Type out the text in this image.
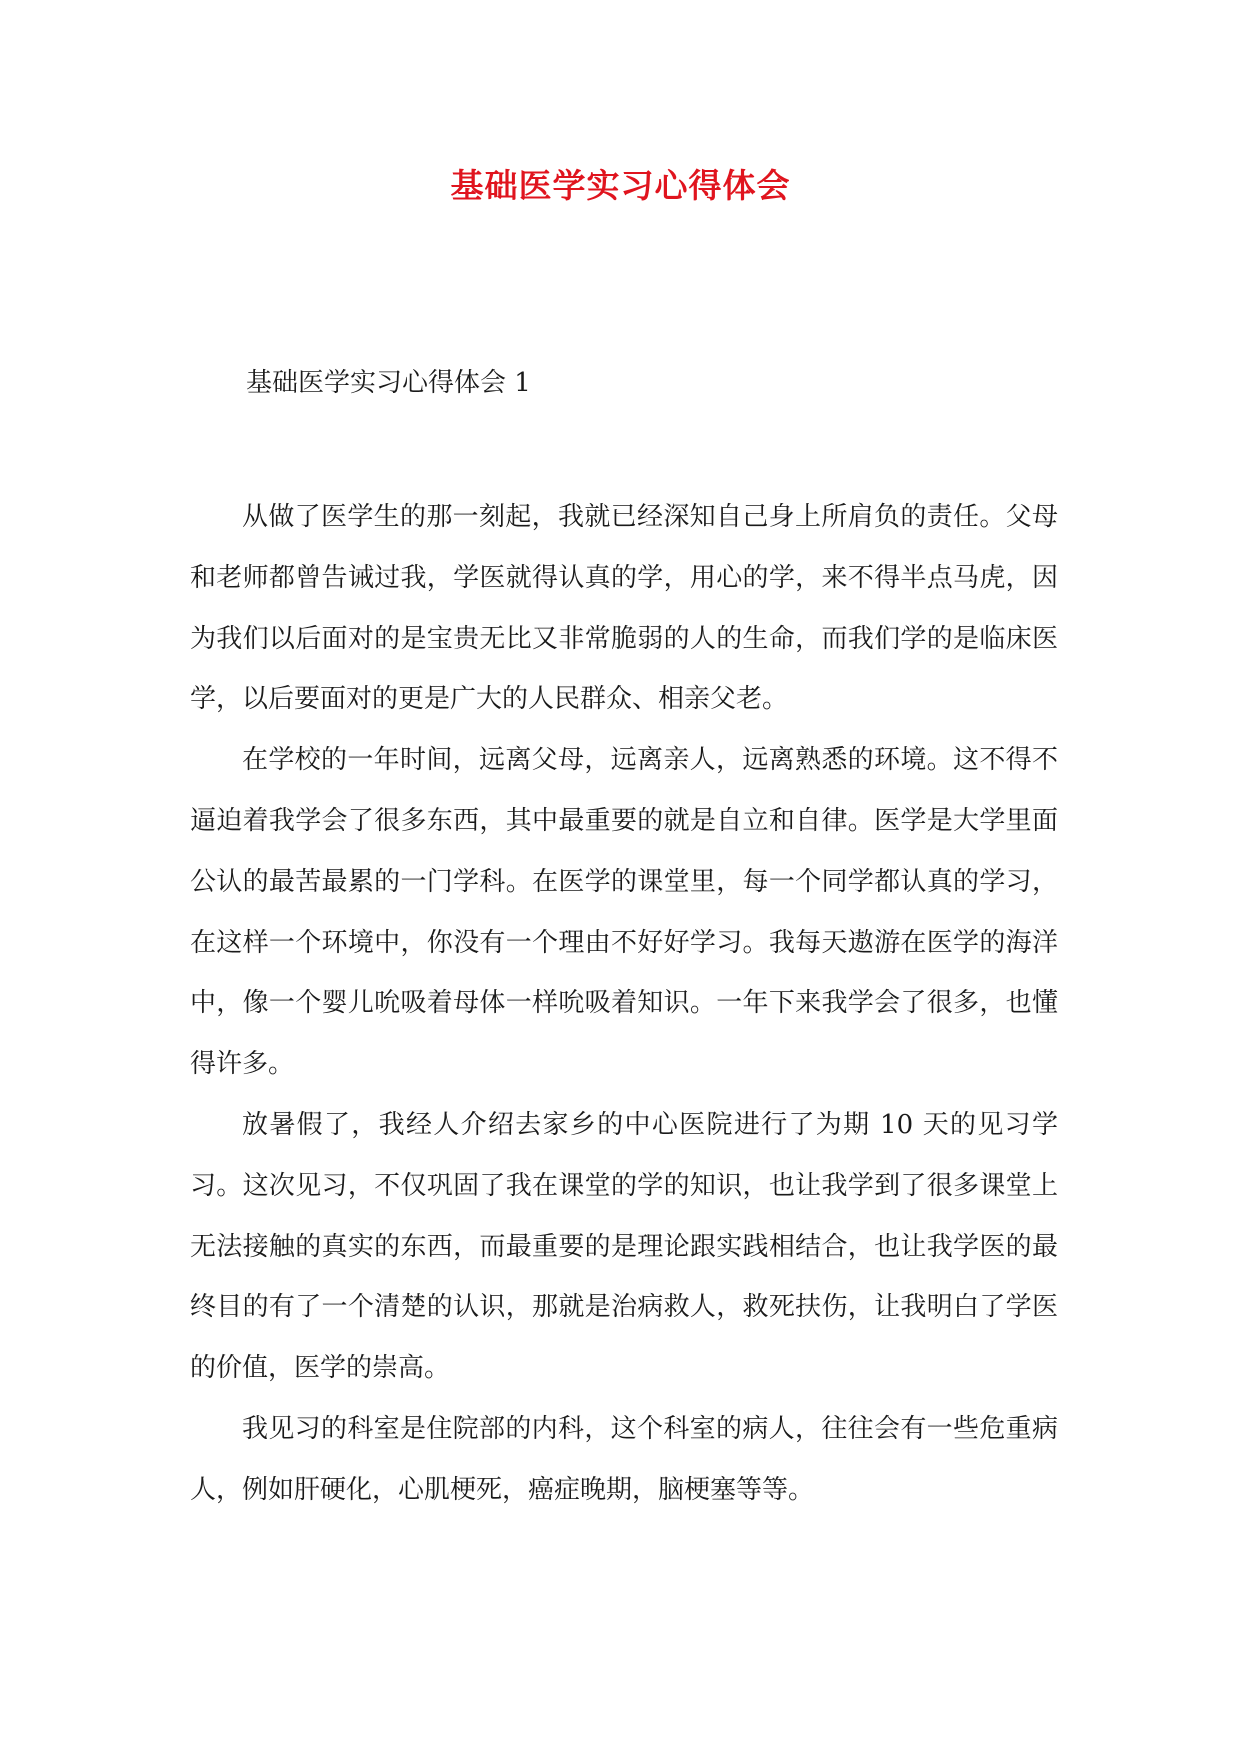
基础医学实习心得体会
基础医学实习心得体会 1

从做了医学生的那一刻起，我就已经深知自己身上所肩负的责任。父母和老师都曾告诫过我，学医就得认真的学，用心的学，来不得半点马虎，因为我们以后面对的是宝贵无比又非常脆弱的人的生命，而我们学的是临床医学，以后要面对的更是广大的人民群众、相亲父老。

在学校的一年时间，远离父母，远离亲人，远离熟悉的环境。这不得不逼迫着我学会了很多东西，其中最重要的就是自立和自律。医学是大学里面公认的最苦最累的一门学科。在医学的课堂里，每一个同学都认真的学习，在这样一个环境中，你没有一个理由不好好学习。我每天遨游在医学的海洋中，像一个婴儿吮吸着母体一样吮吸着知识。一年下来我学会了很多，也懂得许多。

放暑假了，我经人介绍去家乡的中心医院进行了为期 10 天的见习学习。这次见习，不仅巩固了我在课堂的学的知识，也让我学到了很多课堂上无法接触的真实的东西，而最重要的是理论跟实践相结合，也让我学医的最终目的有了一个清楚的认识，那就是治病救人，救死扶伤，让我明白了学医的价值，医学的崇高。

我见习的科室是住院部的内科，这个科室的病人，往往会有一些危重病人，例如肝硬化，心肌梗死，癌症晚期，脑梗塞等等。
